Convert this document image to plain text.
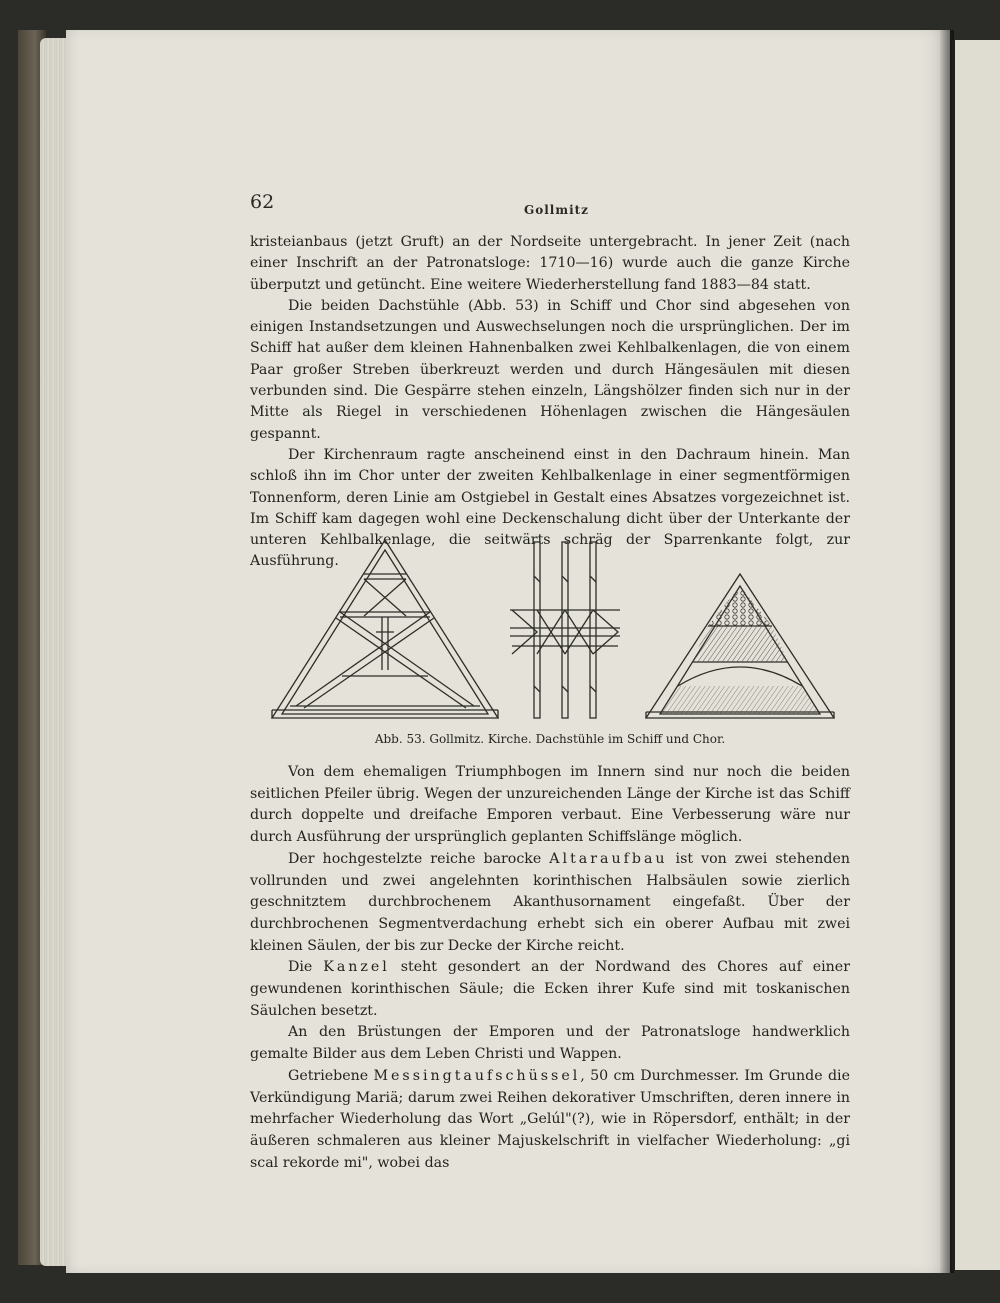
62	Gollmitz

kristeianbaus (jetzt Gruft) an der Nordseite untergebracht. In jener Zeit (nach einer Inschrift an der Patronatsloge: 1710—16) wurde auch die ganze Kirche überputzt und getüncht. Eine weitere Wiederherstellung fand 1883—84 statt.

Die beiden Dachstühle (Abb. 53) in Schiff und Chor sind abgesehen von einigen Instandsetzungen und Auswechselungen noch die ursprünglichen. Der im Schiff hat außer dem kleinen Hahnenbalken zwei Kehlbalkenlagen, die von einem Paar großer Streben überkreuzt werden und durch Hängesäulen mit diesen verbunden sind. Die Gespärre stehen einzeln, Längshölzer finden sich nur in der Mitte als Riegel in verschiedenen Höhenlagen zwischen die Hängesäulen gespannt.

Der Kirchenraum ragte anscheinend einst in den Dachraum hinein. Man schloß ihn im Chor unter der zweiten Kehlbalkenlage in einer segmentförmigen Tonnenform, deren Linie am Ostgiebel in Gestalt eines Absatzes vorgezeichnet ist. Im Schiff kam dagegen wohl eine Deckenschalung dicht über der Unterkante der unteren Kehlbalkenlage, die seitwärts schräg der Sparrenkante folgt, zur Ausführung.

Abb. 53. Gollmitz. Kirche. Dachstühle im Schiff und Chor.

Von dem ehemaligen Triumphbogen im Innern sind nur noch die beiden seitlichen Pfeiler übrig. Wegen der unzureichenden Länge der Kirche ist das Schiff durch doppelte und dreifache Emporen verbaut. Eine Verbesserung wäre nur durch Ausführung der ursprünglich geplanten Schiffslänge möglich.

Der hochgestelzte reiche barocke Altaraufbau ist von zwei stehenden vollrunden und zwei angelehnten korinthischen Halbsäulen sowie zierlich geschnitztem durchbrochenem Akanthusornament eingefaßt. Über der durchbrochenen Segmentverdachung erhebt sich ein oberer Aufbau mit zwei kleinen Säulen, der bis zur Decke der Kirche reicht.

Die Kanzel steht gesondert an der Nordwand des Chores auf einer gewundenen korinthischen Säule; die Ecken ihrer Kufe sind mit toskanischen Säulchen besetzt.

An den Brüstungen der Emporen und der Patronatsloge handwerklich gemalte Bilder aus dem Leben Christi und Wappen.

Getriebene Messingtaufschüssel, 50 cm Durchmesser. Im Grunde die Verkündigung Mariä; darum zwei Reihen dekorativer Umschriften, deren innere in mehrfacher Wiederholung das Wort „Gelúl"(?), wie in Röpersdorf, enthält; in der äußeren schmaleren aus kleiner Majuskelschrift in vielfacher Wiederholung: „gi scal rekorde mi", wobei das
